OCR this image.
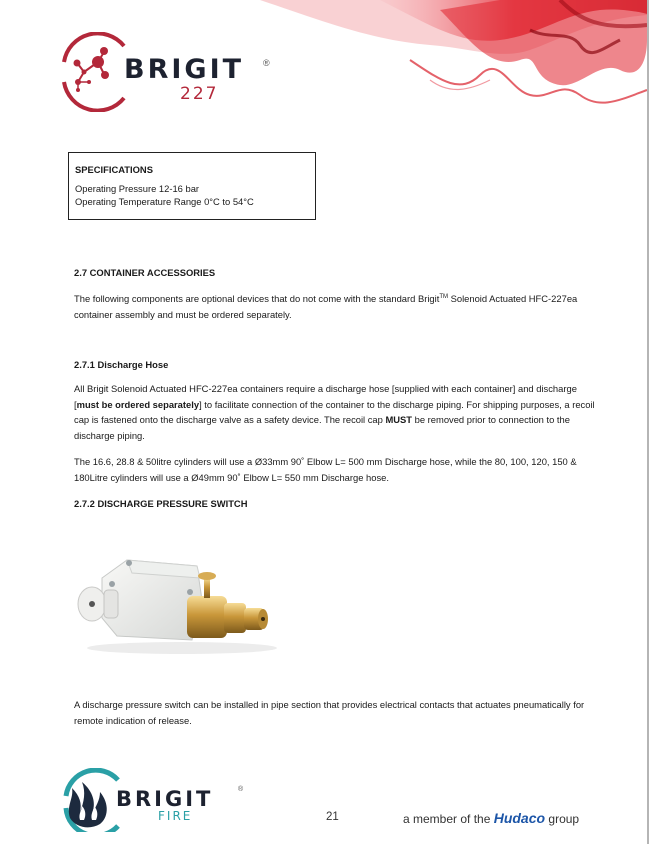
BRIGIT ®
227
SPECIFICATIONS
Operating Pressure 12-16 bar
Operating Temperature Range 0°C to 54°C
2.7 CONTAINER ACCESSORIES
The following components are optional devices that do not come with the standard Brigit™ Solenoid Actuated HFC-227ea container assembly and must be ordered separately.
2.7.1 Discharge Hose
All Brigit Solenoid Actuated HFC-227ea containers require a discharge hose [supplied with each container] and discharge [must be ordered separately] to facilitate connection of the container to the discharge piping. For shipping purposes, a recoil cap is fastened onto the discharge valve as a safety device. The recoil cap MUST be removed prior to connection to the discharge piping.
The 16.6, 28.8 & 50litre cylinders will use a Ø33mm 90˚ Elbow L= 500 mm Discharge hose, while the 80, 100, 120, 150 & 180Litre cylinders will use a Ø49mm 90˚ Elbow L= 550 mm Discharge hose.
2.7.2 DISCHARGE PRESSURE SWITCH
A discharge pressure switch can be installed in pipe section that provides electrical contacts that actuates pneumatically for remote indication of release.
BRIGIT	®
FIRE	21	a member of the Hudaco group
